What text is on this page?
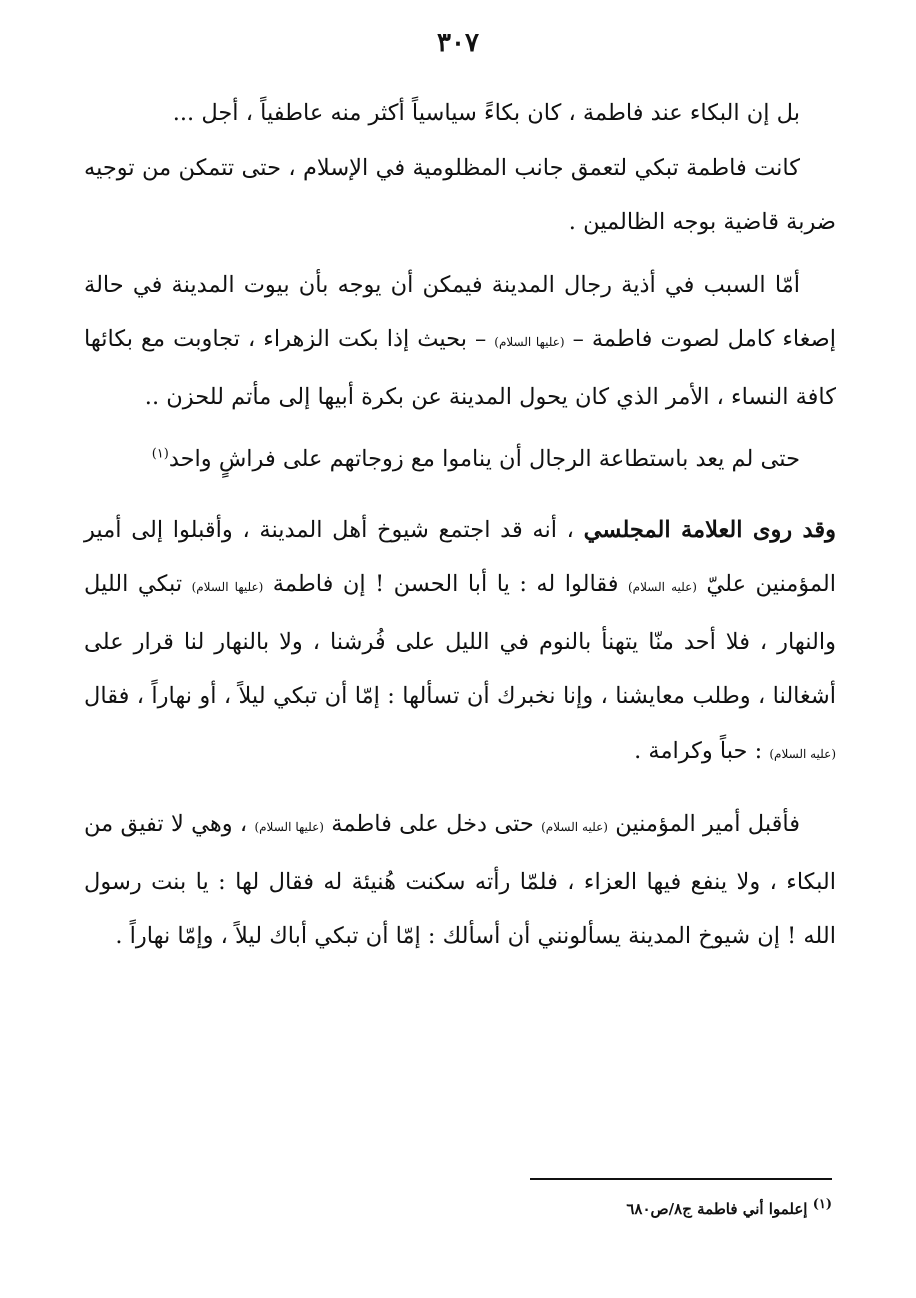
٣٠٧

بل إن البكاء عند فاطمة ، كان بكاءً سياسياً أكثر منه عاطفياً ، أجل ...

كانت فاطمة تبكي لتعمق جانب المظلومية في الإسلام ، حتى تتمكن من توجيه ضربة قاضية بوجه الظالمين .

أمّا السبب في أذية رجال المدينة فيمكن أن يوجه بأن بيوت المدينة في حالة إصغاء كامل لصوت فاطمة – (عليها السلام) – بحيث إذا بكت الزهراء ، تجاوبت مع بكائها كافة النساء ، الأمر الذي كان يحول المدينة عن بكرة أبيها إلى مأتم للحزن ..

حتى لم يعد باستطاعة الرجال أن يناموا مع زوجاتهم على فراشٍ واحد$^{(١)}$

وقد روى العلامة المجلسي ، أنه قد اجتمع شيوخ أهل المدينة ، وأقبلوا إلى أمير المؤمنين عليّ (عليه السلام) فقالوا له : يا أبا الحسن ! إن فاطمة (عليها السلام) تبكي الليل والنهار ، فلا أحد منّا يتهنأ بالنوم في الليل على فُرشنا ، ولا بالنهار لنا قرار على أشغالنا ، وطلب معايشنا ، وإنا نخبرك أن تسألها : إمّا أن تبكي ليلاً ، أو نهاراً ، فقال (عليه السلام) : حباً وكرامة .

فأقبل أمير المؤمنين (عليه السلام) حتى دخل على فاطمة (عليها السلام) ، وهي لا تفيق من البكاء ، ولا ينفع فيها العزاء ، فلمّا رأته سكنت هُنيئة له فقال لها : يا بنت رسول الله ! إن شيوخ المدينة يسألونني أن أسألك : إمّا أن تبكي أباك ليلاً ، وإمّا نهاراً .

(١) إعلموا أني فاطمة ج٨/ص٦٨٠
